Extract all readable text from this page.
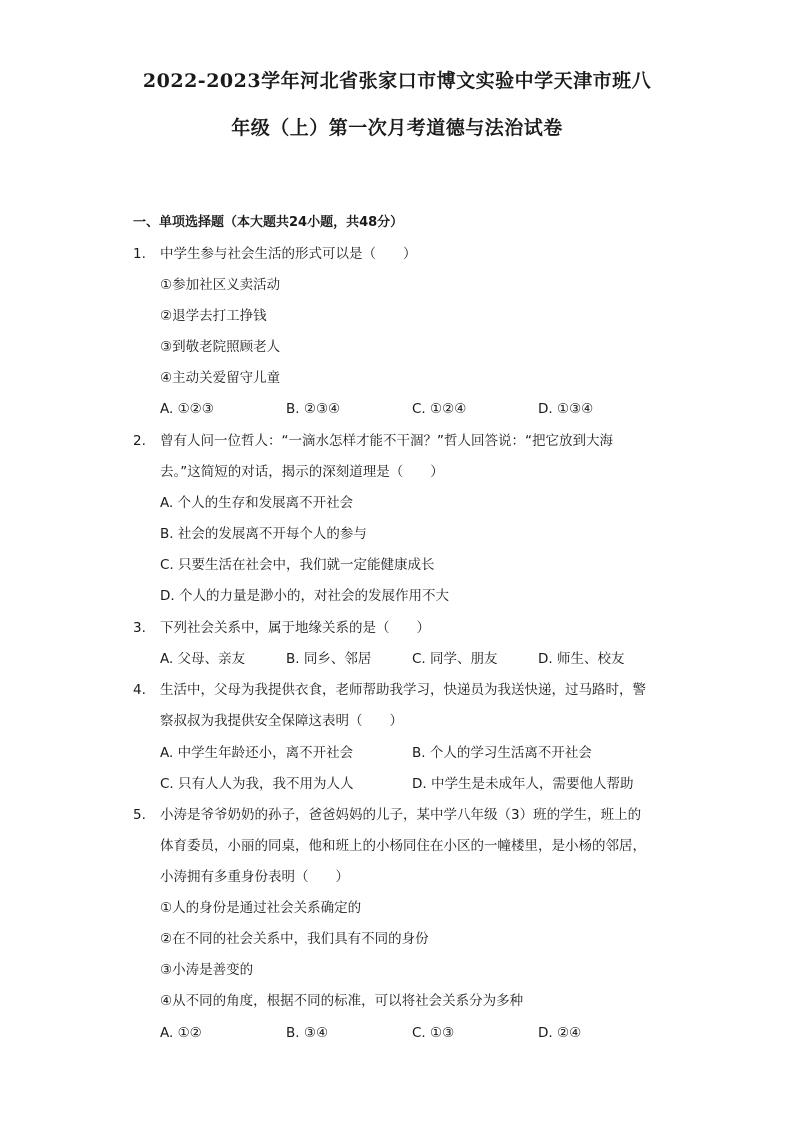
2022-2023学年河北省张家口市博文实验中学天津市班八
年级（上）第一次月考道德与法治试卷
一、单项选择题（本大题共24小题，共48分）
1. 中学生参与社会生活的形式可以是（　　）
①参加社区义卖活动
②退学去打工挣钱
③到敬老院照顾老人
④主动关爱留守儿童
A. ①②③	B. ②③④	C. ①②④	D. ①③④
2. 曾有人问一位哲人：“一滴水怎样才能不干涸？”哲人回答说：“把它放到大海
去。”这简短的对话，揭示的深刻道理是（　　）
A. 个人的生存和发展离不开社会
B. 社会的发展离不开每个人的参与
C. 只要生活在社会中，我们就一定能健康成长
D. 个人的力量是渺小的，对社会的发展作用不大
3. 下列社会关系中，属于地缘关系的是（　　）
A. 父母、亲友	B. 同乡、邻居	C. 同学、朋友	D. 师生、校友
4. 生活中，父母为我提供衣食，老师帮助我学习，快递员为我送快递，过马路时，警
察叔叔为我提供安全保障这表明（　　）
A. 中学生年龄还小，离不开社会	B. 个人的学习生活离不开社会
C. 只有人人为我，我不用为人人	D. 中学生是未成年人，需要他人帮助
5. 小涛是爷爷奶奶的孙子，爸爸妈妈的儿子，某中学八年级（3）班的学生，班上的
体育委员，小丽的同桌，他和班上的小杨同住在小区的一幢楼里，是小杨的邻居，
小涛拥有多重身份表明（　　）
①人的身份是通过社会关系确定的
②在不同的社会关系中，我们具有不同的身份
③小涛是善变的
④从不同的角度，根据不同的标准，可以将社会关系分为多种
A. ①②	B. ③④	C. ①③	D. ②④
